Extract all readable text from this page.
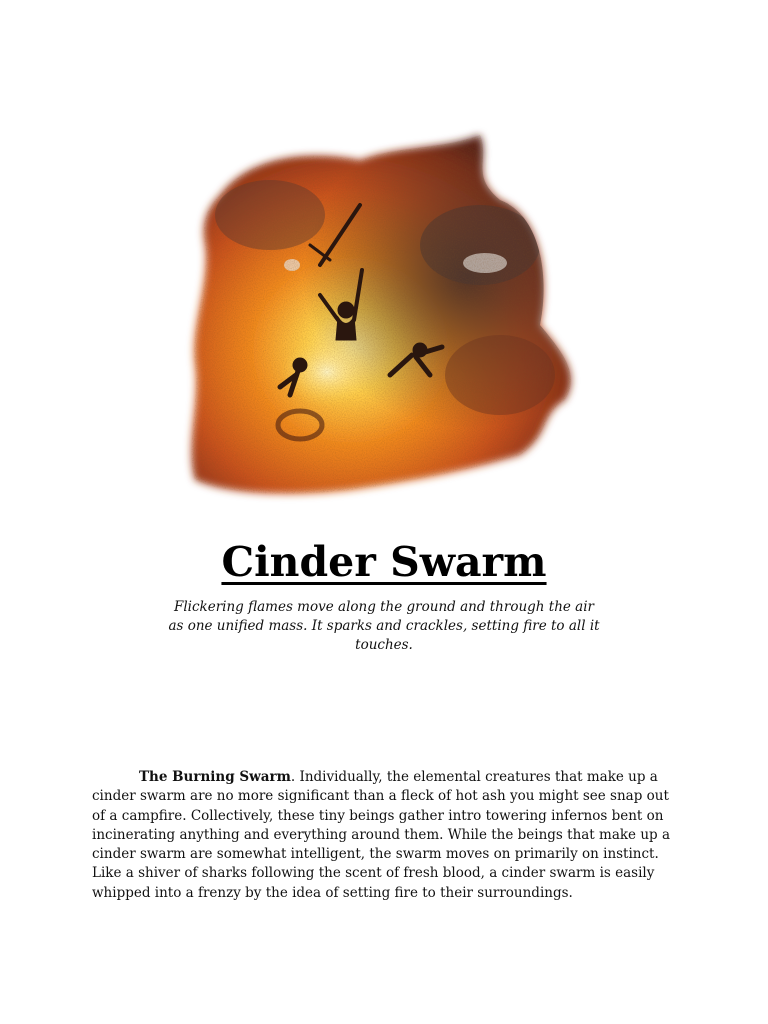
Cinder Swarm

Flickering flames move along the ground and through the air as one unified mass. It sparks and crackles, setting fire to all it touches.

The Burning Swarm. Individually, the elemental creatures that make up a cinder swarm are no more significant than a fleck of hot ash you might see snap out of a campfire. Collectively, these tiny beings gather intro towering infernos bent on incinerating anything and everything around them. While the beings that make up a cinder swarm are somewhat intelligent, the swarm moves on primarily on instinct. Like a shiver of sharks following the scent of fresh blood, a cinder swarm is easily whipped into a frenzy by the idea of setting fire to their surroundings.
